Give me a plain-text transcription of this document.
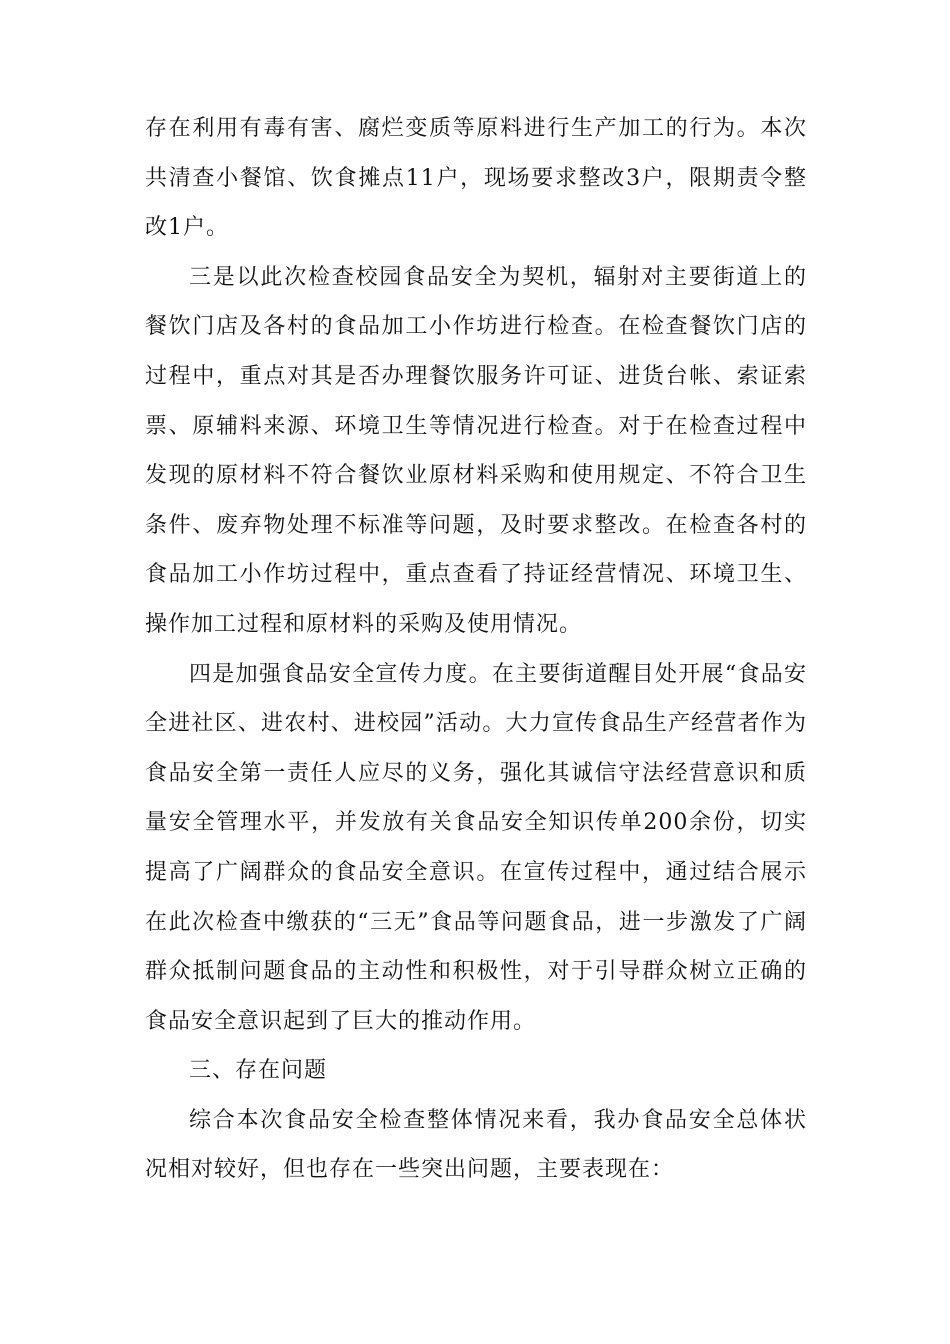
存在利用有毒有害、腐烂变质等原料进行生产加工的行为。本次共清查小餐馆、饮食摊点11户，现场要求整改3户，限期责令整改1户。

三是以此次检查校园食品安全为契机，辐射对主要街道上的餐饮门店及各村的食品加工小作坊进行检查。在检查餐饮门店的过程中，重点对其是否办理餐饮服务许可证、进货台帐、索证索票、原辅料来源、环境卫生等情况进行检查。对于在检查过程中发现的原材料不符合餐饮业原材料采购和使用规定、不符合卫生条件、废弃物处理不标准等问题，及时要求整改。在检查各村的食品加工小作坊过程中，重点查看了持证经营情况、环境卫生、操作加工过程和原材料的采购及使用情况。

四是加强食品安全宣传力度。在主要街道醒目处开展“食品安全进社区、进农村、进校园”活动。大力宣传食品生产经营者作为食品安全第一责任人应尽的义务，强化其诚信守法经营意识和质量安全管理水平，并发放有关食品安全知识传单200余份，切实提高了广阔群众的食品安全意识。在宣传过程中，通过结合展示在此次检查中缴获的“三无”食品等问题食品，进一步激发了广阔群众抵制问题食品的主动性和积极性，对于引导群众树立正确的食品安全意识起到了巨大的推动作用。

三、存在问题

综合本次食品安全检查整体情况来看，我办食品安全总体状况相对较好，但也存在一些突出问题，主要表现在：
